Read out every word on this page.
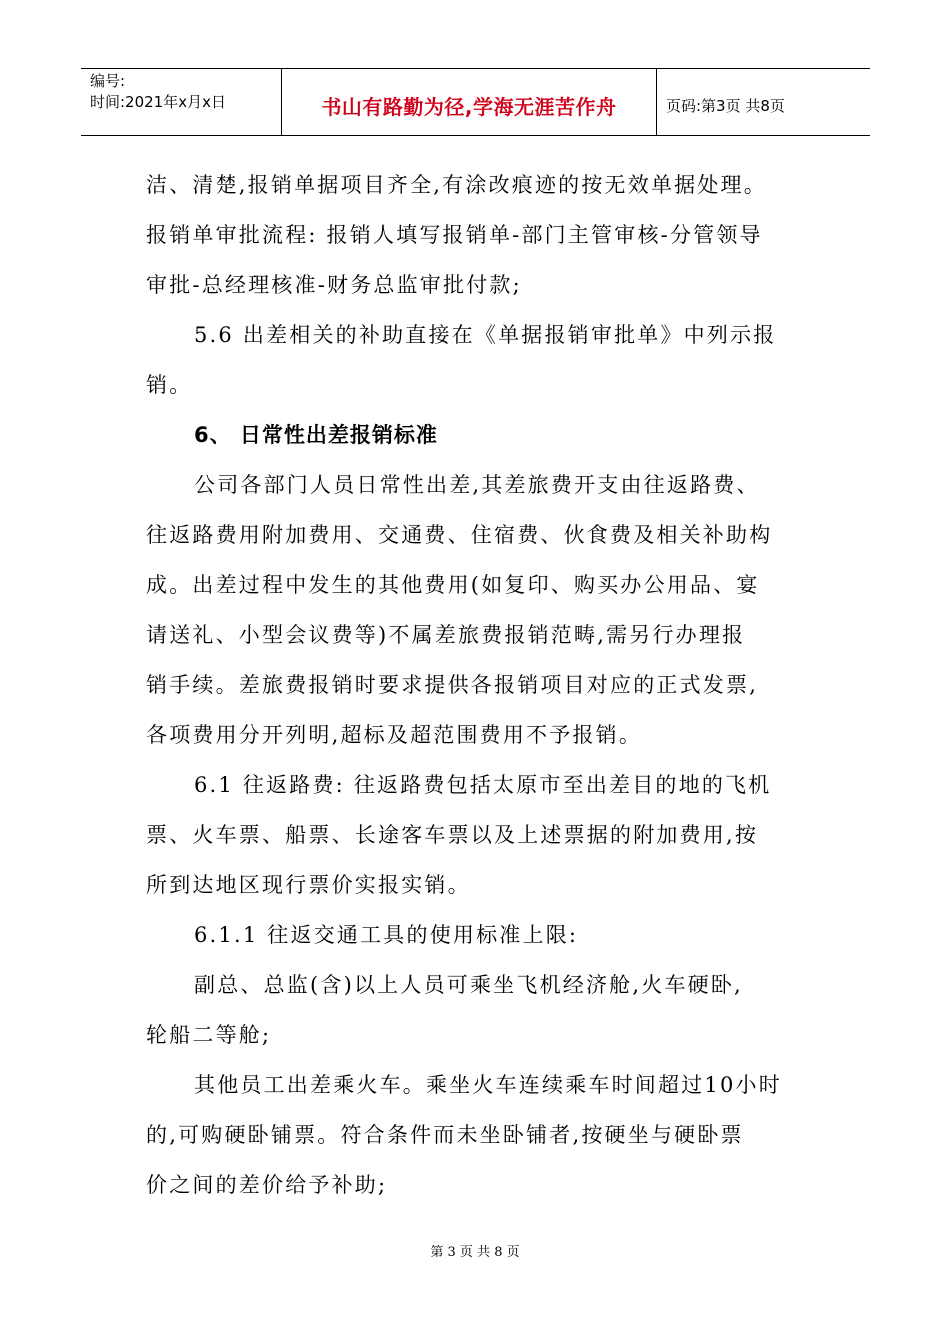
编号:
时间:2021年x月x日	书山有路勤为径,学海无涯苦作舟	页码:第3页 共8页
洁、清楚,报销单据项目齐全,有涂改痕迹的按无效单据处理。
报销单审批流程: 报销人填写报销单-部门主管审核-分管领导
审批-总经理核准-财务总监审批付款;
5.6 出差相关的补助直接在《单据报销审批单》中列示报
销。
6、 日常性出差报销标准
公司各部门人员日常性出差,其差旅费开支由往返路费、
往返路费用附加费用、交通费、住宿费、伙食费及相关补助构
成。出差过程中发生的其他费用(如复印、购买办公用品、宴
请送礼、小型会议费等)不属差旅费报销范畴,需另行办理报
销手续。差旅费报销时要求提供各报销项目对应的正式发票,
各项费用分开列明,超标及超范围费用不予报销。
6.1 往返路费: 往返路费包括太原市至出差目的地的飞机
票、火车票、船票、长途客车票以及上述票据的附加费用,按
所到达地区现行票价实报实销。
6.1.1 往返交通工具的使用标准上限:
副总、总监(含)以上人员可乘坐飞机经济舱,火车硬卧,
轮船二等舱;
其他员工出差乘火车。乘坐火车连续乘车时间超过10小时
的,可购硬卧铺票。符合条件而未坐卧铺者,按硬坐与硬卧票
价之间的差价给予补助;
第 3 页 共 8 页
